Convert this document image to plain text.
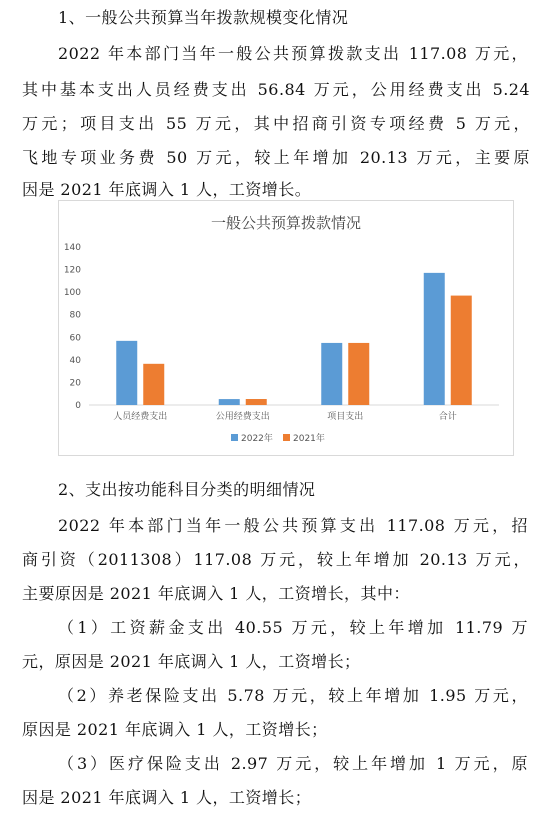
1、一般公共预算当年拨款规模变化情况
2022 年本部门当年一般公共预算拨款支出 117.08 万元，
其中基本支出人员经费支出 56.84 万元，公用经费支出 5.24
万元；项目支出 55 万元，其中招商引资专项经费 5 万元，
飞地专项业务费 50 万元，较上年增加 20.13 万元，主要原
因是 2021 年底调入 1 人，工资增长。
一般公共预算拨款情况
0
20
40
60
80
100
120
140
人员经费支出	公用经费支出	项目支出	合计
2022年 2021年
2、支出按功能科目分类的明细情况
2022 年本部门当年一般公共预算支出 117.08 万元，招
商引资（2011308）117.08 万元，较上年增加 20.13 万元，
主要原因是 2021 年底调入 1 人，工资增长，其中：
（1）工资薪金支出 40.55 万元，较上年增加 11.79 万
元，原因是 2021 年底调入 1 人，工资增长；
（2）养老保险支出 5.78 万元，较上年增加 1.95 万元，
原因是 2021 年底调入 1 人，工资增长；
（3）医疗保险支出 2.97 万元，较上年增加 1 万元，原
因是 2021 年底调入 1 人，工资增长；
